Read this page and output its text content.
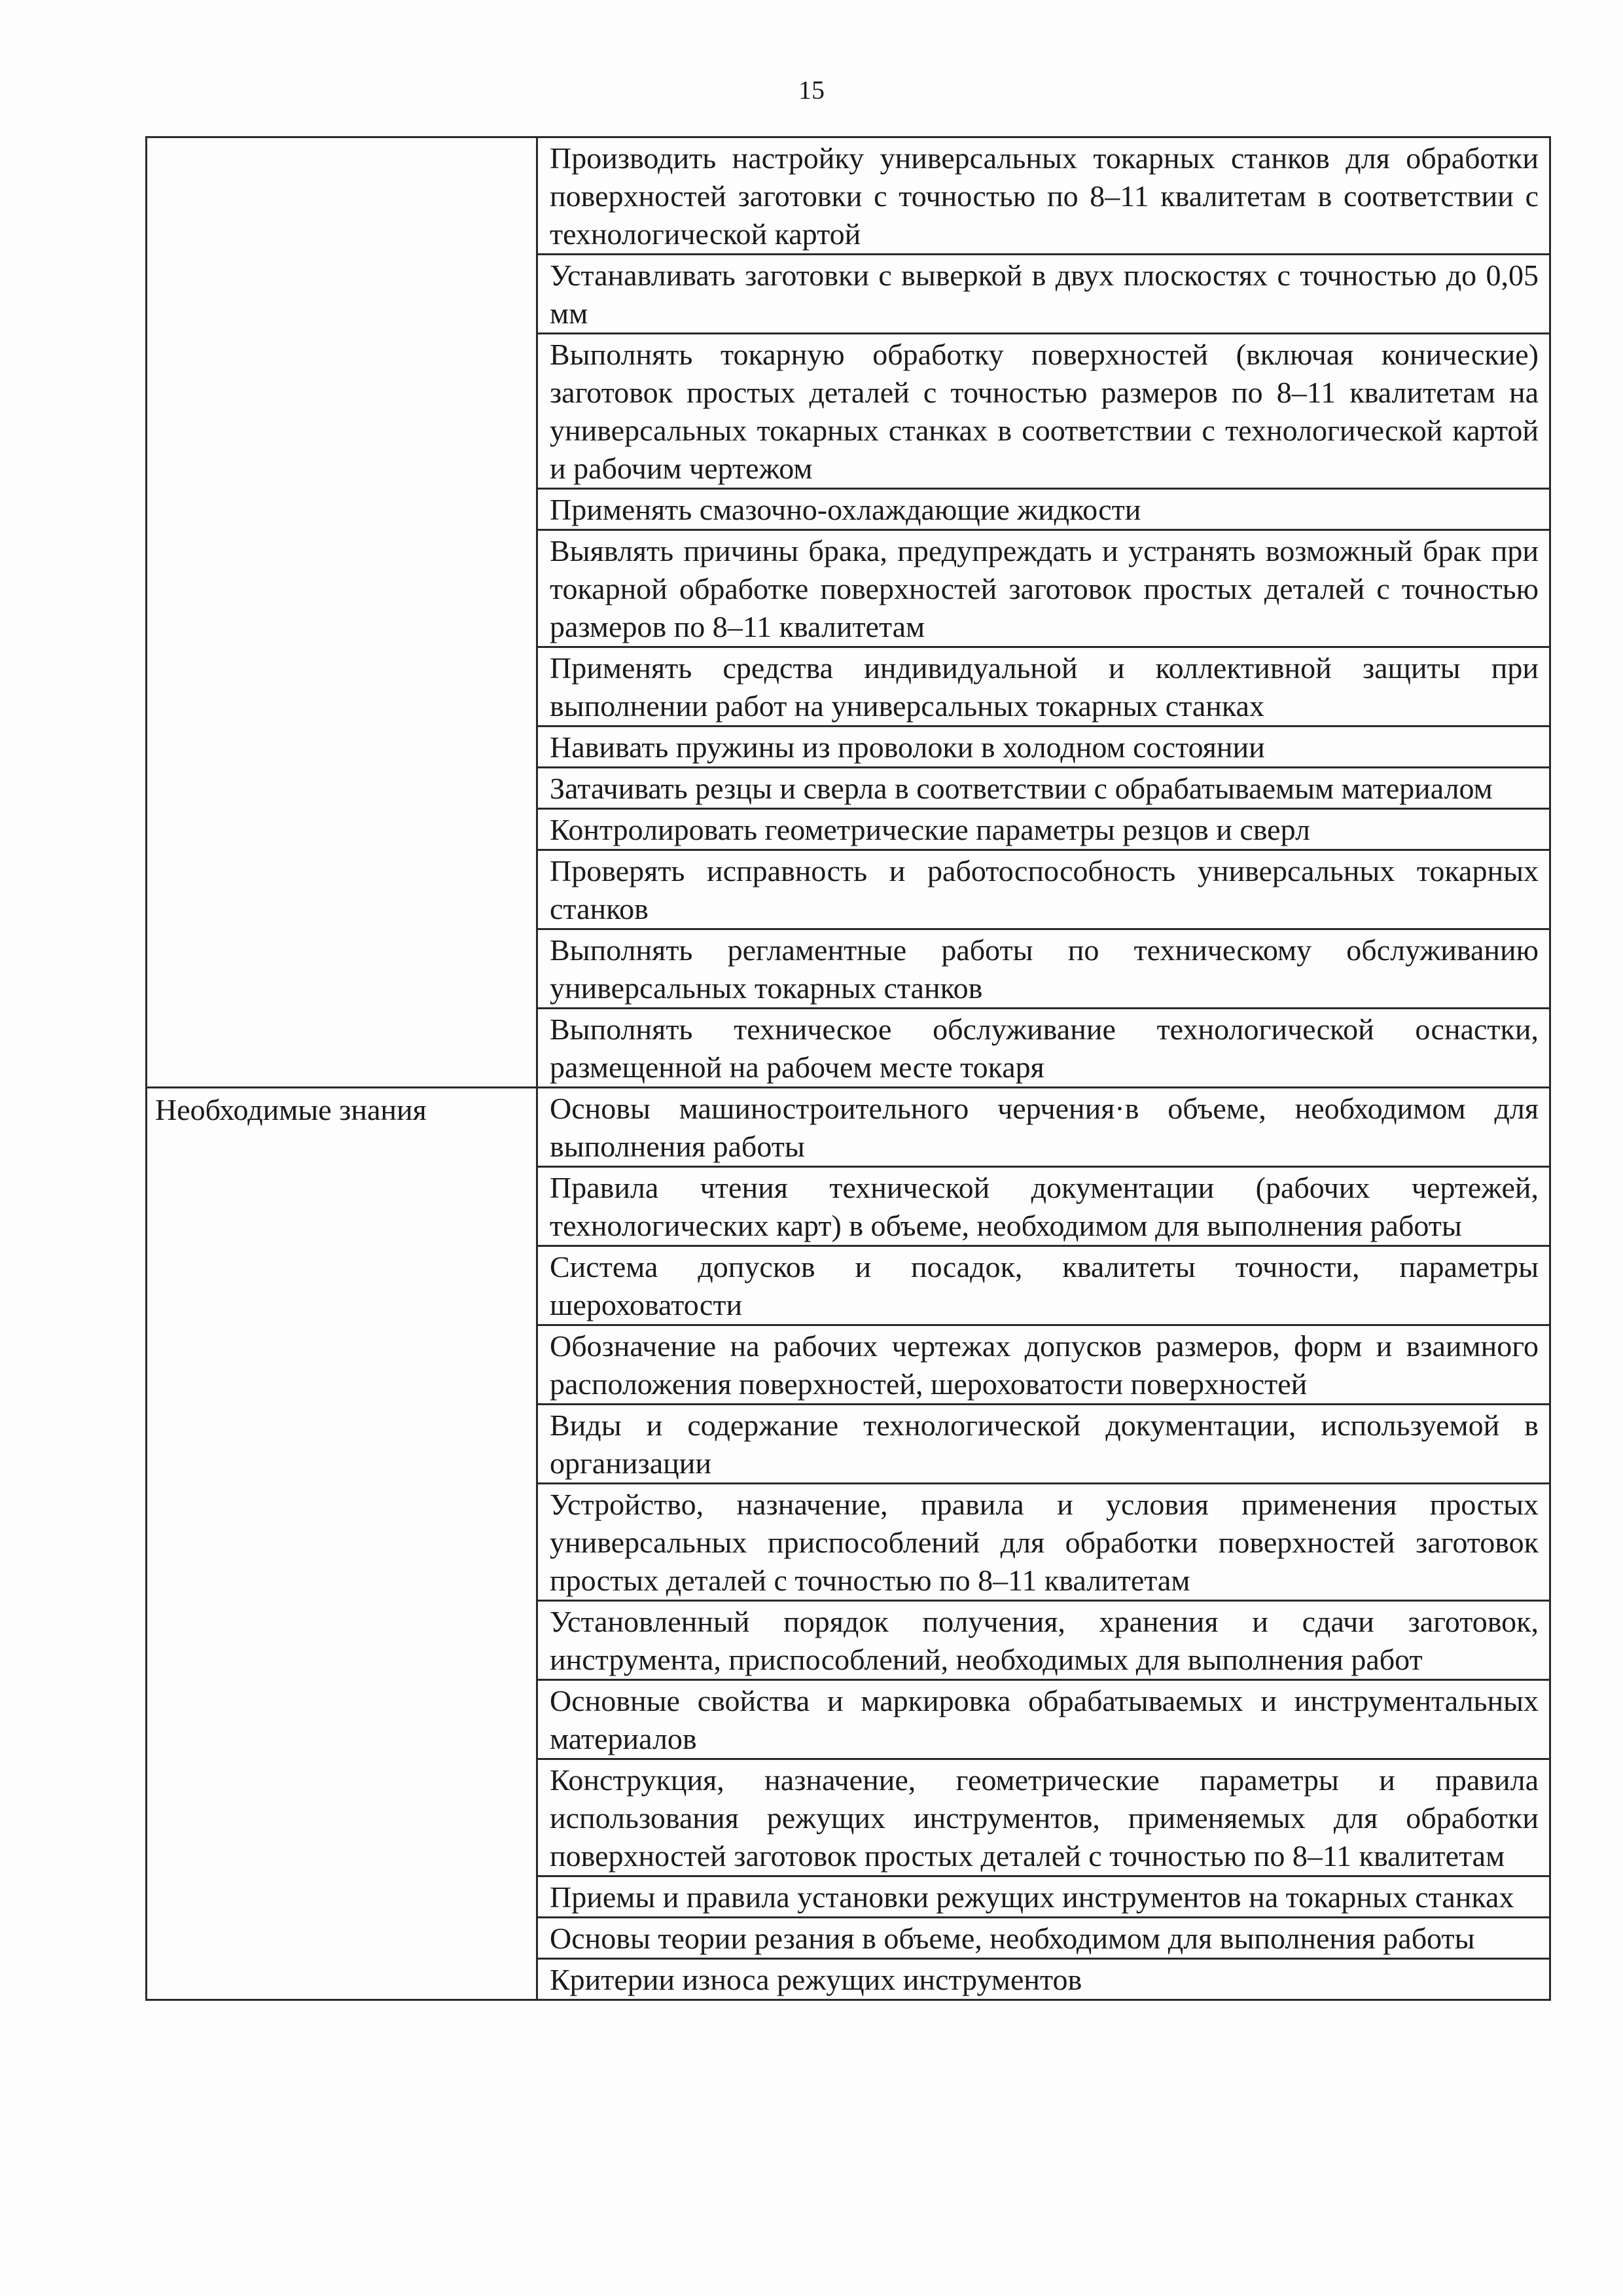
15
	Производить настройку универсальных токарных станков для обработки поверхностей заготовки с точностью по 8–11 квалитетам в соответствии с технологической картой
	Устанавливать заготовки с выверкой в двух плоскостях с точностью до 0,05 мм
	Выполнять токарную обработку поверхностей (включая конические) заготовок простых деталей с точностью размеров по 8–11 квалитетам на универсальных токарных станках в соответствии с технологической картой и рабочим чертежом
	Применять смазочно-охлаждающие жидкости
	Выявлять причины брака, предупреждать и устранять возможный брак при токарной обработке поверхностей заготовок простых деталей с точностью размеров по 8–11 квалитетам
	Применять средства индивидуальной и коллективной защиты при выполнении работ на универсальных токарных станках
	Навивать пружины из проволоки в холодном состоянии
	Затачивать резцы и сверла в соответствии с обрабатываемым материалом
	Контролировать геометрические параметры резцов и сверл
	Проверять исправность и работоспособность универсальных токарных станков
	Выполнять регламентные работы по техническому обслуживанию универсальных токарных станков
	Выполнять техническое обслуживание технологической оснастки, размещенной на рабочем месте токаря
Необходимые знания	Основы машиностроительного черчения·в объеме, необходимом для выполнения работы
	Правила чтения технической документации (рабочих чертежей, технологических карт) в объеме, необходимом для выполнения работы
	Система допусков и посадок, квалитеты точности, параметры шероховатости
	Обозначение на рабочих чертежах допусков размеров, форм и взаимного расположения поверхностей, шероховатости поверхностей
	Виды и содержание технологической документации, используемой в организации
	Устройство, назначение, правила и условия применения простых универсальных приспособлений для обработки поверхностей заготовок простых деталей с точностью по 8–11 квалитетам
	Установленный порядок получения, хранения и сдачи заготовок, инструмента, приспособлений, необходимых для выполнения работ
	Основные свойства и маркировка обрабатываемых и инструментальных материалов
	Конструкция, назначение, геометрические параметры и правила использования режущих инструментов, применяемых для обработки поверхностей заготовок простых деталей с точностью по 8–11 квалитетам
	Приемы и правила установки режущих инструментов на токарных станках
	Основы теории резания в объеме, необходимом для выполнения работы
	Критерии износа режущих инструментов
